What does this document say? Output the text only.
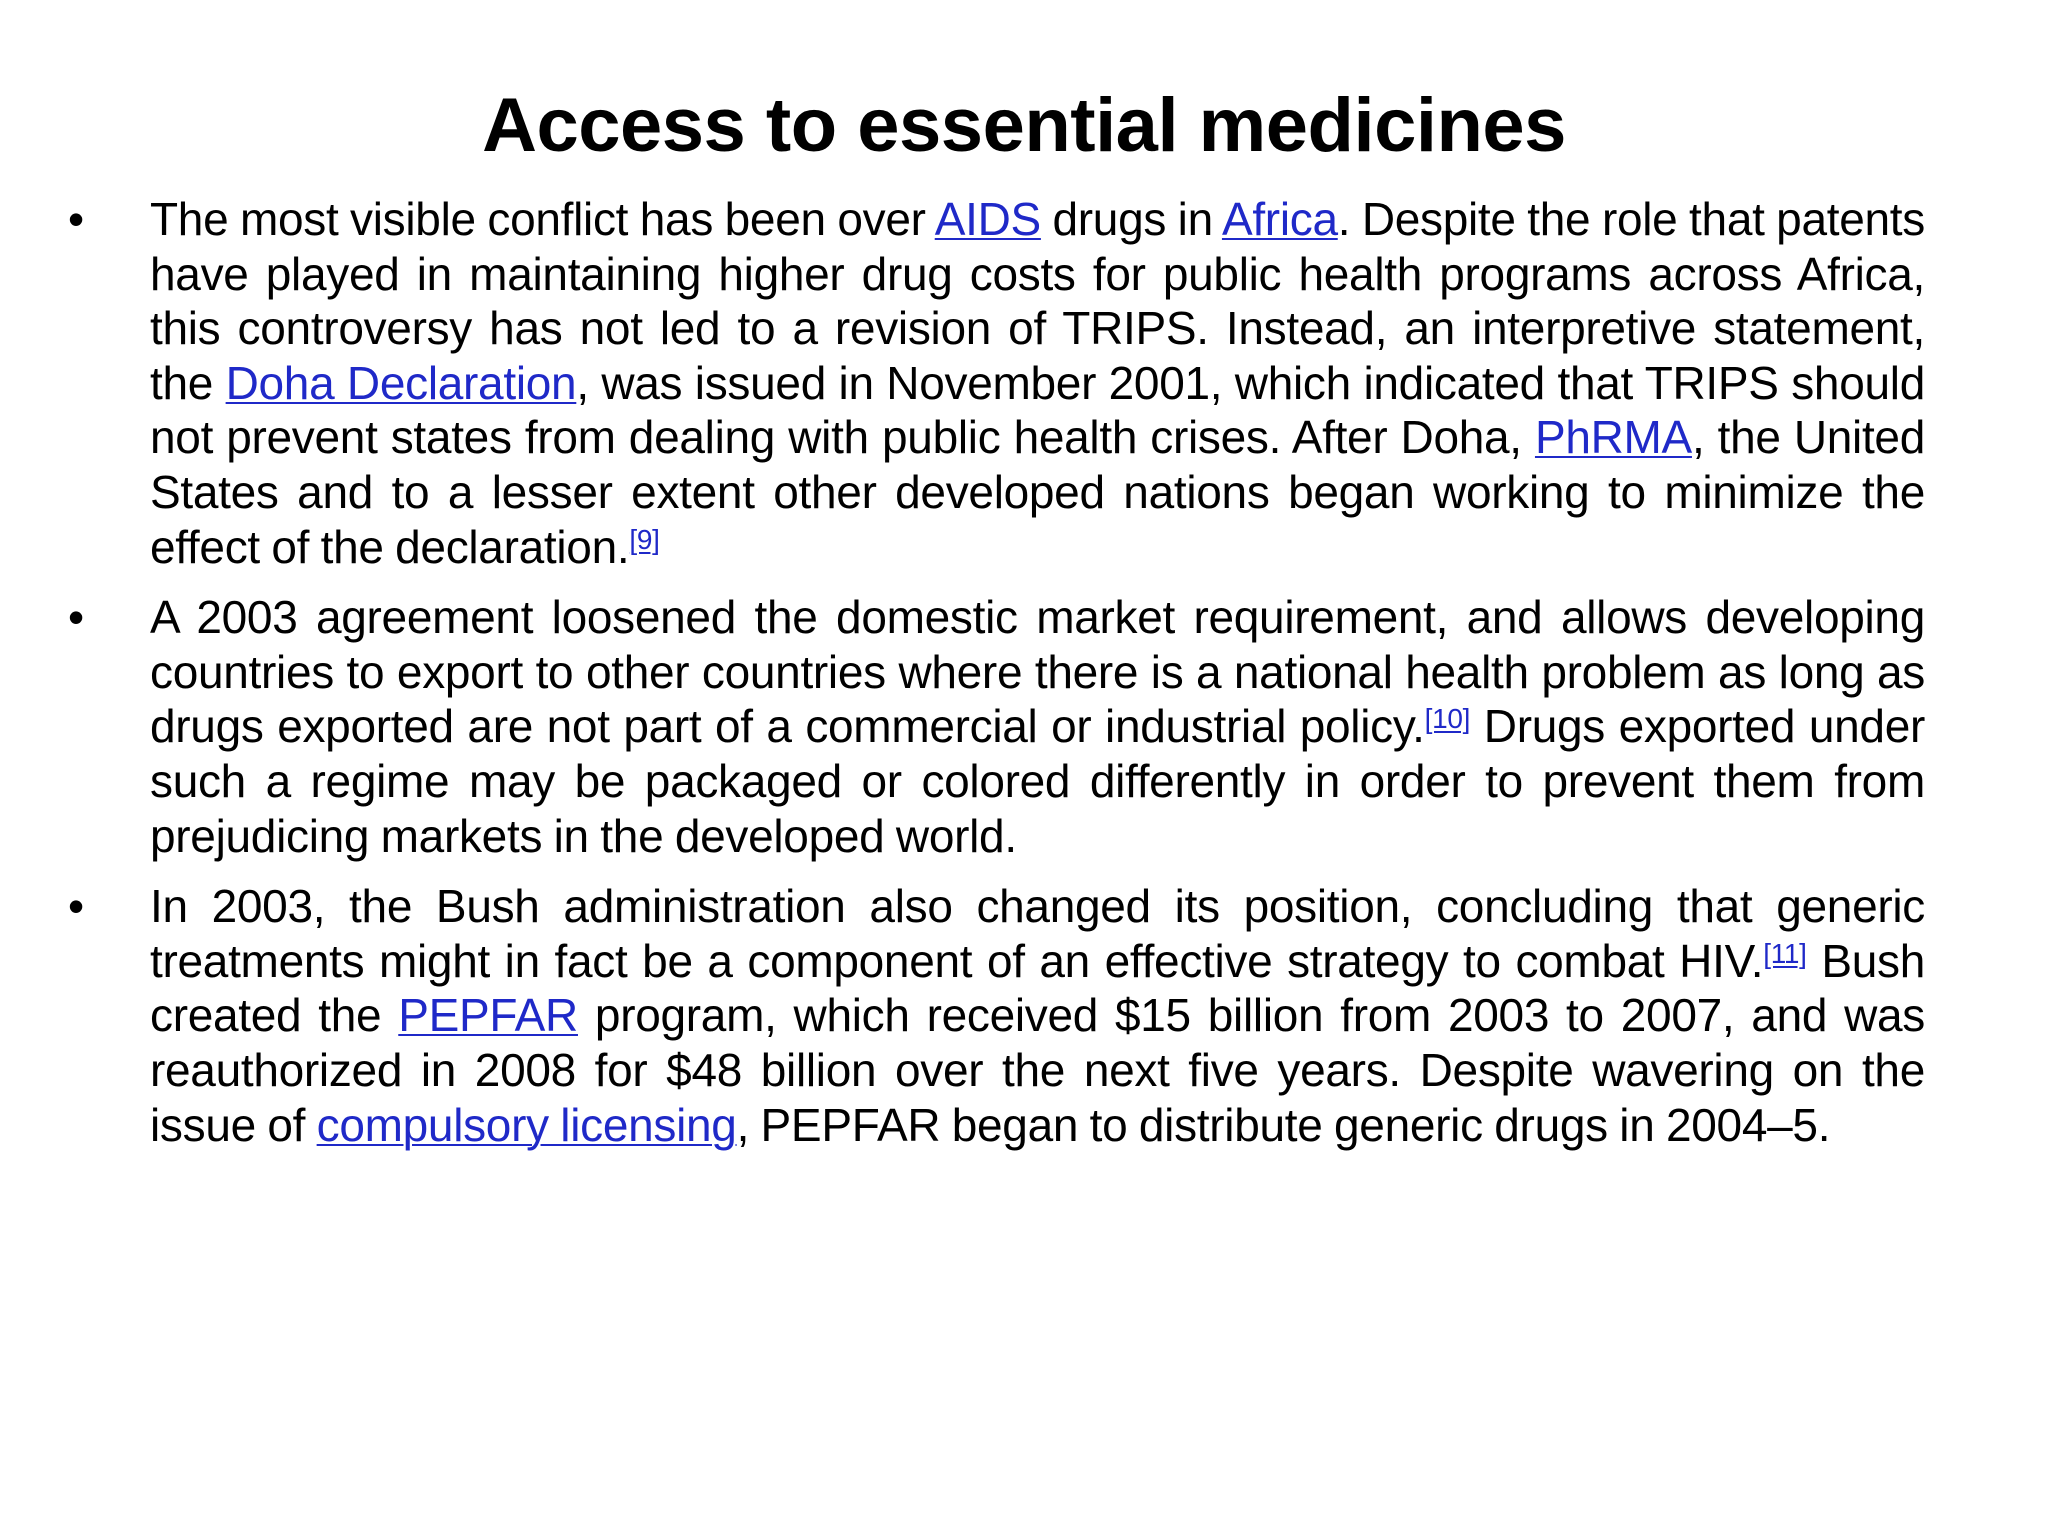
Access to essential medicines
• The most visible conflict has been over AIDS drugs in Africa. Despite the role that patents have played in maintaining higher drug costs for public health programs across Africa, this controversy has not led to a revision of TRIPS. Instead, an interpretive statement, the Doha Declaration, was issued in November 2001, which indicated that TRIPS should not prevent states from dealing with public health crises. After Doha, PhRMA, the United States and to a lesser extent other developed nations began working to minimize the effect of the declaration.[9]
• A 2003 agreement loosened the domestic market requirement, and allows developing countries to export to other countries where there is a national health problem as long as drugs exported are not part of a commercial or industrial policy.[10] Drugs exported under such a regime may be packaged or colored differently in order to prevent them from prejudicing markets in the developed world.
• In 2003, the Bush administration also changed its position, concluding that generic treatments might in fact be a component of an effective strategy to combat HIV.[11] Bush created the PEPFAR program, which received $15 billion from 2003 to 2007, and was reauthorized in 2008 for $48 billion over the next five years. Despite wavering on the issue of compulsory licensing, PEPFAR began to distribute generic drugs in 2004–5.
